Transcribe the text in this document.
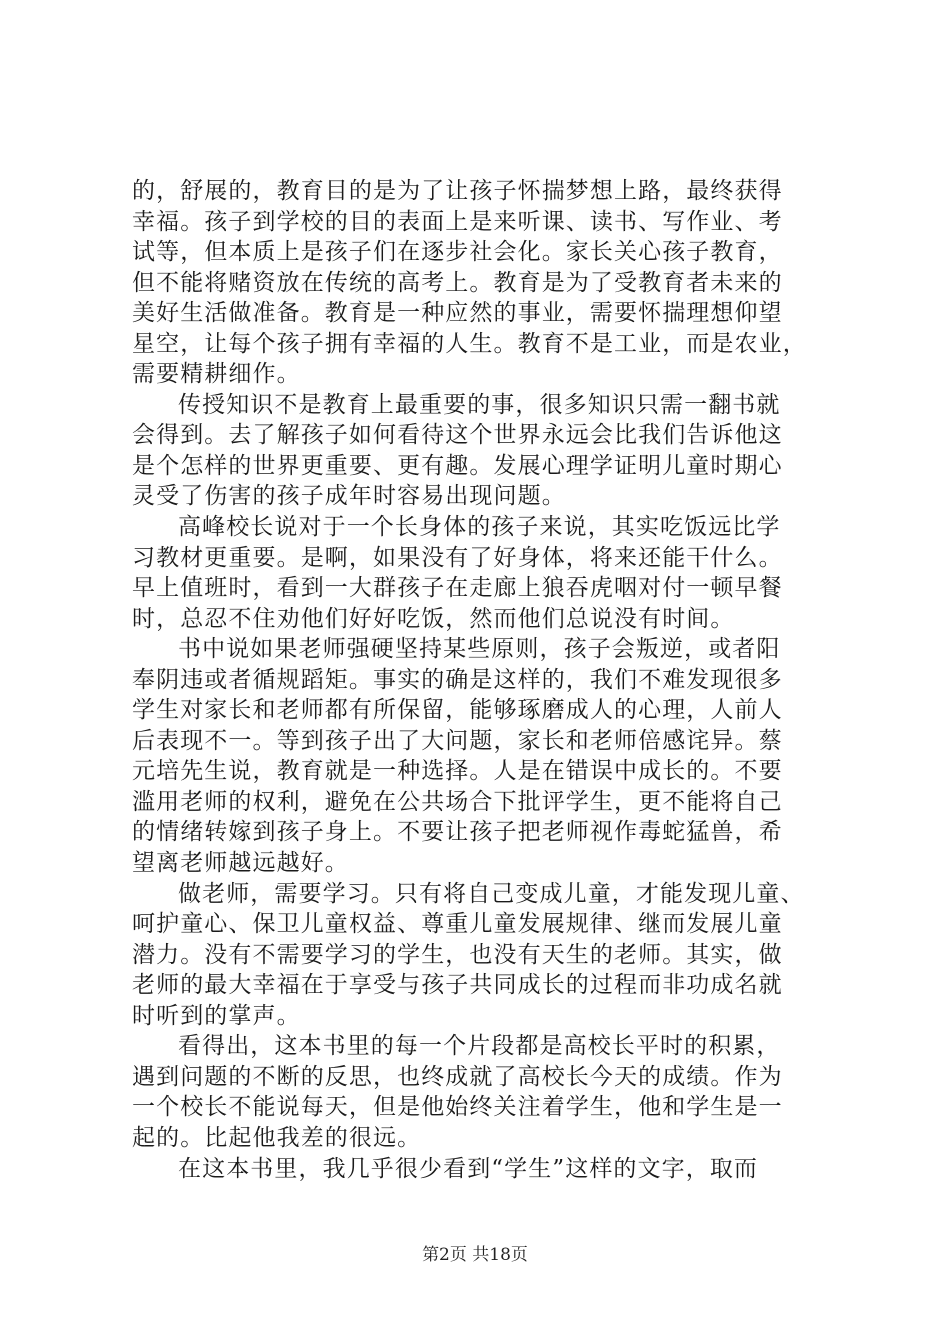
的，舒展的，教育目的是为了让孩子怀揣梦想上路，最终获得
幸福。孩子到学校的目的表面上是来听课、读书、写作业、考
试等，但本质上是孩子们在逐步社会化。家长关心孩子教育，
但不能将赌资放在传统的高考上。教育是为了受教育者未来的
美好生活做准备。教育是一种应然的事业，需要怀揣理想仰望
星空，让每个孩子拥有幸福的人生。教育不是工业，而是农业，
需要精耕细作。
传授知识不是教育上最重要的事，很多知识只需一翻书就
会得到。去了解孩子如何看待这个世界永远会比我们告诉他这
是个怎样的世界更重要、更有趣。发展心理学证明儿童时期心
灵受了伤害的孩子成年时容易出现问题。
高峰校长说对于一个长身体的孩子来说，其实吃饭远比学
习教材更重要。是啊，如果没有了好身体，将来还能干什么。
早上值班时，看到一大群孩子在走廊上狼吞虎咽对付一顿早餐
时，总忍不住劝他们好好吃饭，然而他们总说没有时间。
书中说如果老师强硬坚持某些原则，孩子会叛逆，或者阳
奉阴违或者循规蹈矩。事实的确是这样的，我们不难发现很多
学生对家长和老师都有所保留，能够琢磨成人的心理，人前人
后表现不一。等到孩子出了大问题，家长和老师倍感诧异。蔡
元培先生说，教育就是一种选择。人是在错误中成长的。不要
滥用老师的权利，避免在公共场合下批评学生，更不能将自己
的情绪转嫁到孩子身上。不要让孩子把老师视作毒蛇猛兽，希
望离老师越远越好。
做老师，需要学习。只有将自己变成儿童，才能发现儿童、
呵护童心、保卫儿童权益、尊重儿童发展规律、继而发展儿童
潜力。没有不需要学习的学生，也没有天生的老师。其实，做
老师的最大幸福在于享受与孩子共同成长的过程而非功成名就
时听到的掌声。
看得出，这本书里的每一个片段都是高校长平时的积累，
遇到问题的不断的反思，也终成就了高校长今天的成绩。作为
一个校长不能说每天，但是他始终关注着学生，他和学生是一
起的。比起他我差的很远。
在这本书里，我几乎很少看到“学生”这样的文字，取而
第2页 共18页
